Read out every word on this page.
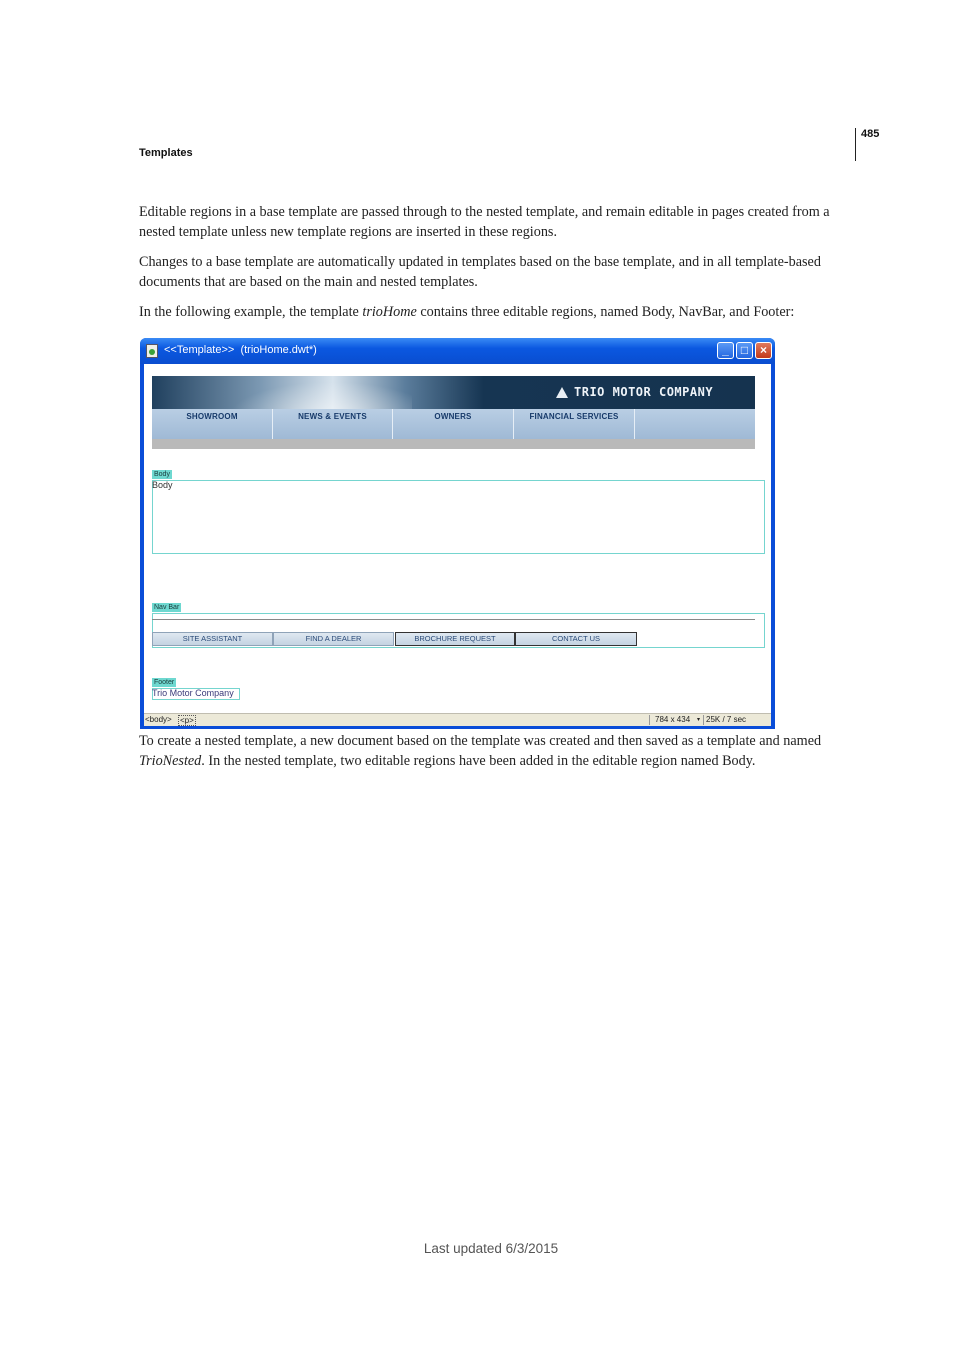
485
Templates
Editable regions in a base template are passed through to the nested template, and remain editable in pages created from a nested template unless new template regions are inserted in these regions.
Changes to a base template are automatically updated in templates based on the base template, and in all template-based documents that are based on the main and nested templates.
In the following example, the template trioHome contains three editable regions, named Body, NavBar, and Footer:
<<Template>>  (trioHome.dwt*)	_	□ ×
TRIO MOTOR COMPANY
SHOWROOM	NEWS & EVENTS	OWNERS	FINANCIAL SERVICES
Body
Body
Nav Bar
SITE ASSISTANT	FIND A DEALER	BROCHURE REQUEST	CONTACT US
Footer
Trio Motor Company
<body> <p>	784 x 434 ▾ 25K / 7 sec
To create a nested template, a new document based on the template was created and then saved as a template and named TrioNested. In the nested template, two editable regions have been added in the editable region named Body.
Last updated 6/3/2015
